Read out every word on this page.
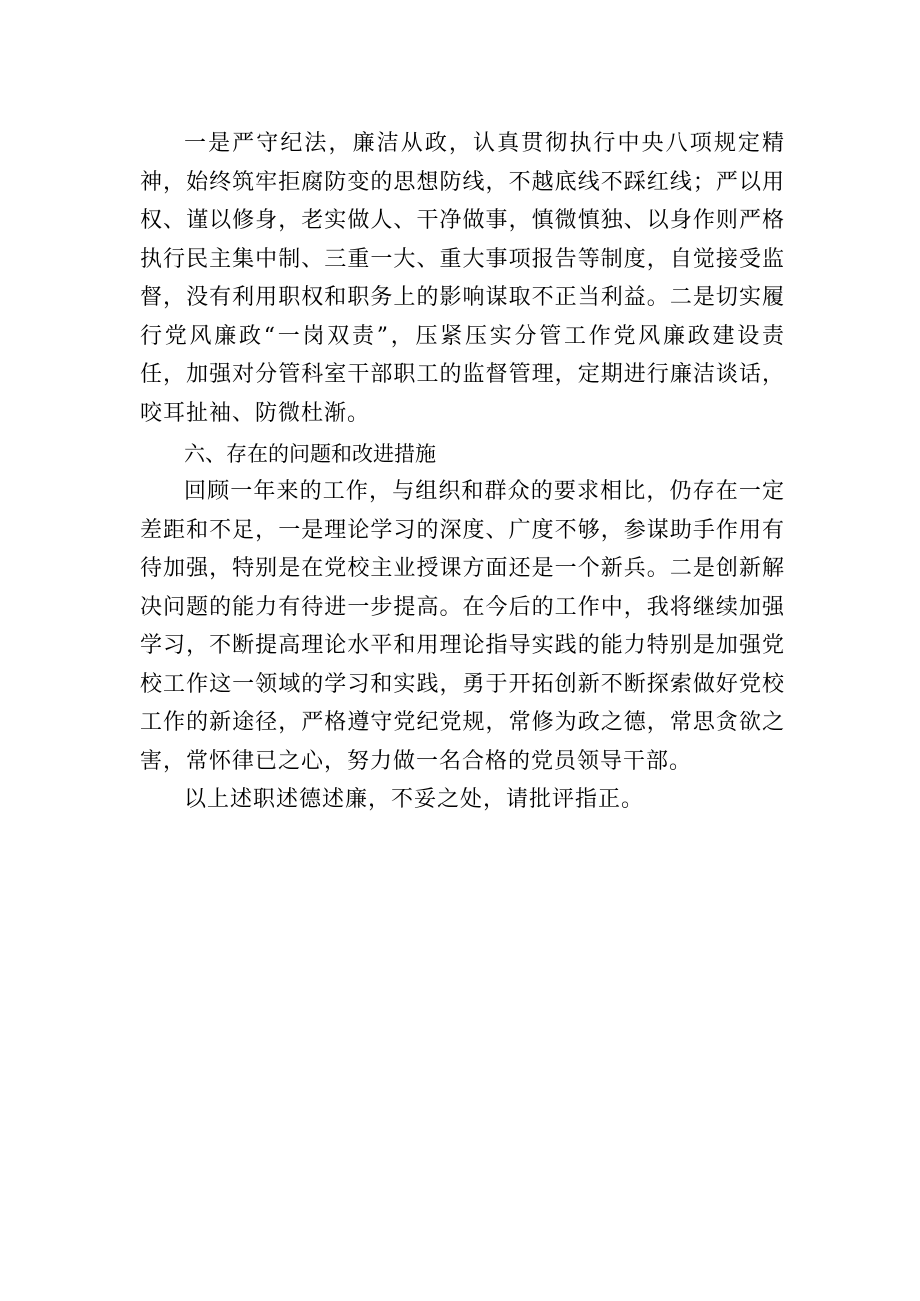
一是严守纪法，廉洁从政，认真贯彻执行中央八项规定精神，始终筑牢拒腐防变的思想防线，不越底线不踩红线；严以用权、谨以修身，老实做人、干净做事，慎微慎独、以身作则严格执行民主集中制、三重一大、重大事项报告等制度，自觉接受监督，没有利用职权和职务上的影响谋取不正当利益。二是切实履行党风廉政“一岗双责”，压紧压实分管工作党风廉政建设责任，加强对分管科室干部职工的监督管理，定期进行廉洁谈话，咬耳扯袖、防微杜渐。

六、存在的问题和改进措施

回顾一年来的工作，与组织和群众的要求相比，仍存在一定差距和不足，一是理论学习的深度、广度不够，参谋助手作用有待加强，特别是在党校主业授课方面还是一个新兵。二是创新解决问题的能力有待进一步提高。在今后的工作中，我将继续加强学习，不断提高理论水平和用理论指导实践的能力特别是加强党校工作这一领域的学习和实践，勇于开拓创新不断探索做好党校工作的新途径，严格遵守党纪党规，常修为政之德，常思贪欲之害，常怀律已之心，努力做一名合格的党员领导干部。

以上述职述德述廉，不妥之处，请批评指正。
